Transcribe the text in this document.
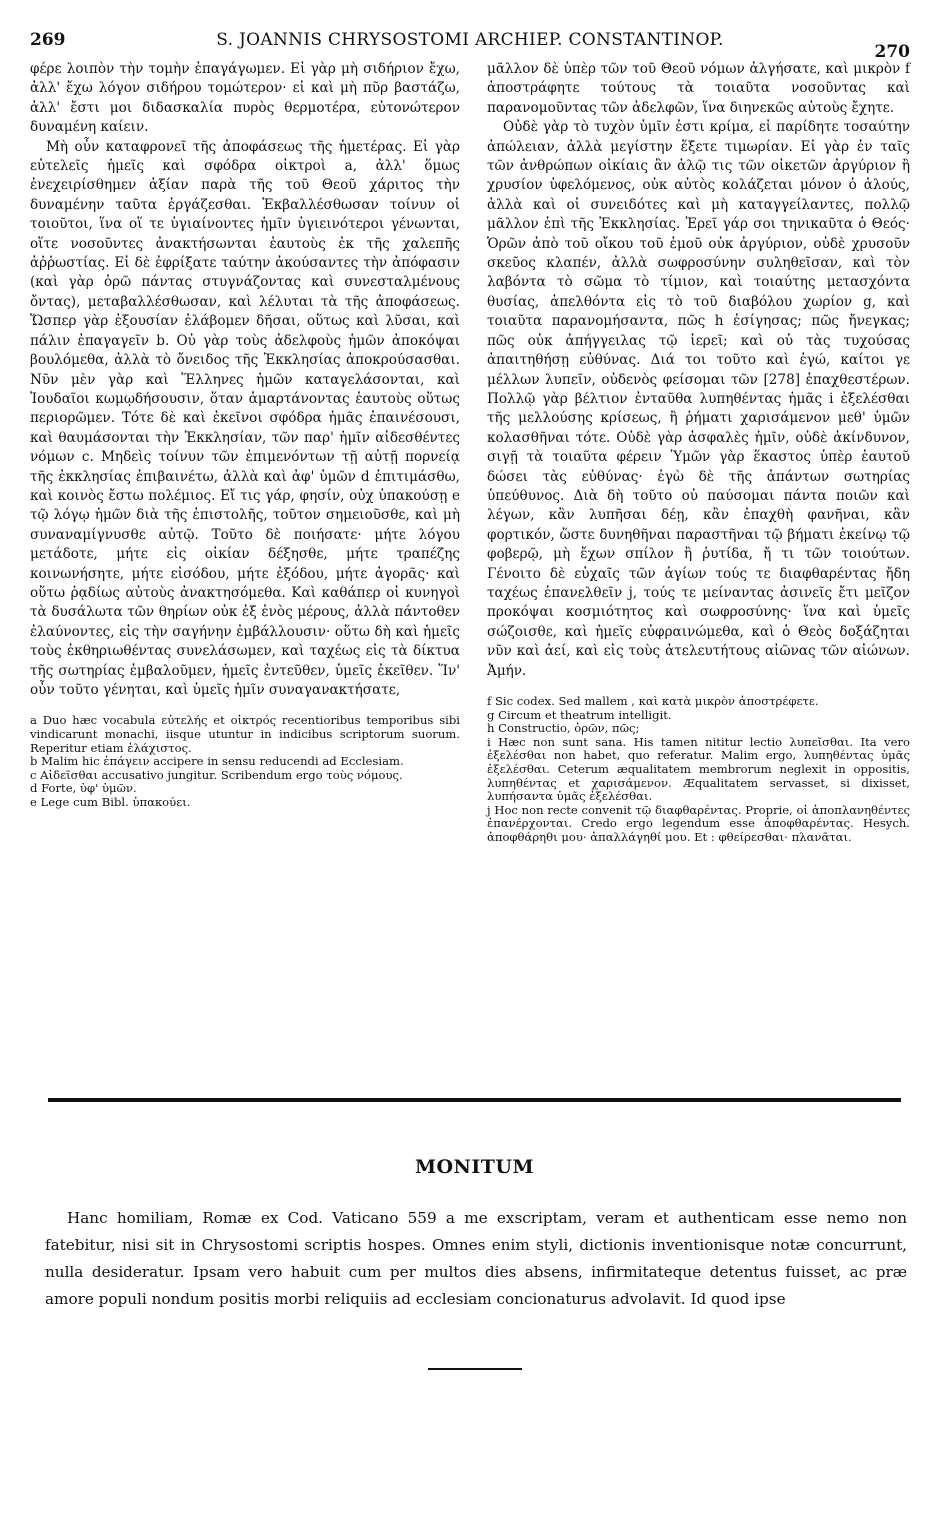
269	S. JOANNIS CHRYSOSTOMI ARCHIEP. CONSTANTINOP.
270

φέρε λοιπὸν τὴν τομὴν ἐπαγάγωμεν. Εἰ γὰρ μὴ σιδήριον ἔχω, ἀλλ' ἔχω λόγον σιδήρου τομώτερον· εἰ καὶ μὴ πῦρ βαστάζω, ἀλλ' ἔστι μοι διδασκαλία πυρὸς θερμοτέρα, εὐτονώτερον δυναμένη καίειν.

Μὴ οὖν καταφρονεῖ τῆς ἀποφάσεως τῆς ἡμετέρας. Εἰ γὰρ εὐτελεῖς ἡμεῖς καὶ σφόδρα οἰκτροὶ a, ἀλλ' ὅμως ἐνεχειρίσθημεν ἀξίαν παρὰ τῆς τοῦ Θεοῦ χάριτος τὴν δυναμένην ταῦτα ἐργάζεσθαι. Ἐκβαλλέσθωσαν τοίνυν οἱ τοιοῦτοι, ἵνα οἵ τε ὑγιαίνοντες ἡμῖν ὑγιεινότεροι γένωνται, οἵτε νοσοῦντες ἀνακτήσωνται ἑαυτοὺς ἐκ τῆς χαλεπῆς ἀῤῥωστίας. Εἰ δὲ ἐφρίξατε ταύτην ἀκούσαντες τὴν ἀπόφασιν (καὶ γὰρ ὁρῶ πάντας στυγνάζοντας καὶ συνεσταλμένους ὄντας), μεταβαλλέσθωσαν, καὶ λέλυται τὰ τῆς ἀποφάσεως. Ὥσπερ γὰρ ἐξουσίαν ἐλάβομεν δῆσαι, οὕτως καὶ λῦσαι, καὶ πάλιν ἐπαγαγεῖν b. Οὐ γὰρ τοὺς ἀδελφοὺς ἡμῶν ἀποκόψαι βουλόμεθα, ἀλλὰ τὸ ὄνειδος τῆς Ἐκκλησίας ἀποκρούσασθαι. Νῦν μὲν γὰρ καὶ Ἕλληνες ἡμῶν καταγελάσονται, καὶ Ἰουδαῖοι κωμῳδήσουσιν, ὅταν ἁμαρτάνοντας ἑαυτοὺς οὕτως περιορῶμεν. Τότε δὲ καὶ ἐκεῖνοι σφόδρα ἡμᾶς ἐπαινέσουσι, καὶ θαυμάσονται τὴν Ἐκκλησίαν, τῶν παρ' ἡμῖν αἰδεσθέντες νόμων c. Μηδεὶς τοίνυν τῶν ἐπιμενόντων τῇ αὐτῇ πορνείᾳ τῆς ἐκκλησίας ἐπιβαινέτω, ἀλλὰ καὶ ἀφ' ὑμῶν d ἐπιτιμάσθω, καὶ κοινὸς ἔστω πολέμιος. Εἴ τις γάρ, φησίν, οὐχ ὑπακούσῃ e τῷ λόγῳ ἡμῶν διὰ τῆς ἐπιστολῆς, τοῦτον σημειοῦσθε, καὶ μὴ συναναμίγνυσθε αὐτῷ. Τοῦτο δὲ ποιήσατε· μήτε λόγου μετάδοτε, μήτε εἰς οἰκίαν δέξησθε, μήτε τραπέζης κοινωνήσητε, μήτε εἰσόδου, μήτε ἐξόδου, μήτε ἀγορᾶς· καὶ οὕτω ῥᾳδίως αὐτοὺς ἀνακτησόμεθα. Καὶ καθάπερ οἱ κυνηγοὶ τὰ δυσάλωτα τῶν θηρίων οὐκ ἐξ ἑνὸς μέρους, ἀλλὰ πάντοθεν ἐλαύνοντες, εἰς τὴν σαγήνην ἐμβάλλουσιν· οὕτω δὴ καὶ ἡμεῖς τοὺς ἐκθηριωθέντας συνελάσωμεν, καὶ ταχέως εἰς τὰ δίκτυα τῆς σωτηρίας ἐμβαλοῦμεν, ἡμεῖς ἐντεῦθεν, ὑμεῖς ἐκεῖθεν. Ἵν' οὖν τοῦτο γένηται, καὶ ὑμεῖς ἡμῖν συναγανακτήσατε,

a Duo hæc vocabula εὐτελής et οἰκτρός recentioribus temporibus sibi vindicarunt monachi, iisque utuntur in indicibus scriptorum suorum. Reperitur etiam ἐλάχιστος.

b Malim hic ἐπάγειν accipere in sensu reducendi ad Ecclesiam.

c Αἰδεῖσθαι accusativo jungitur. Scribendum ergo τοὺς νόμους.

d Forte, ὑφ' ὑμῶν.

e Lege cum Bibl. ὑπακούει.

μᾶλλον δὲ ὑπὲρ τῶν τοῦ Θεοῦ νόμων ἀλγήσατε, καὶ μικρὸν f ἀποστράφητε τούτους τὰ τοιαῦτα νοσοῦντας καὶ παρανομοῦντας τῶν ἀδελφῶν, ἵνα διηνεκῶς αὐτοὺς ἔχητε.

Οὐδὲ γὰρ τὸ τυχὸν ὑμῖν ἐστι κρίμα, εἰ παρίδητε τοσαύτην ἀπώλειαν, ἀλλὰ μεγίστην ἕξετε τιμωρίαν. Εἰ γὰρ ἐν ταῖς τῶν ἀνθρώπων οἰκίαις ἂν ἁλῷ τις τῶν οἰκετῶν ἀργύριον ἢ χρυσίον ὑφελόμενος, οὐκ αὐτὸς κολάζεται μόνον ὁ ἁλούς, ἀλλὰ καὶ οἱ συνειδότες καὶ μὴ καταγγείλαντες, πολλῷ μᾶλλον ἐπὶ τῆς Ἐκκλησίας. Ἐρεῖ γάρ σοι τηνικαῦτα ὁ Θεός· Ὁρῶν ἀπὸ τοῦ οἴκου τοῦ ἐμοῦ οὐκ ἀργύριον, οὐδὲ χρυσοῦν σκεῦος κλαπέν, ἀλλὰ σωφροσύνην συληθεῖσαν, καὶ τὸν λαβόντα τὸ σῶμα τὸ τίμιον, καὶ τοιαύτης μετασχόντα θυσίας, ἀπελθόντα εἰς τὸ τοῦ διαβόλου χωρίον g, καὶ τοιαῦτα παρανομήσαντα, πῶς h ἐσίγησας; πῶς ἤνεγκας; πῶς οὐκ ἀπήγγειλας τῷ ἱερεῖ; καὶ οὐ τὰς τυχούσας ἀπαιτηθήσῃ εὐθύνας. Διά τοι τοῦτο καὶ ἐγώ, καίτοι γε μέλλων λυπεῖν, οὐδενὸς φείσομαι τῶν [278] ἐπαχθεστέρων. Πολλῷ γὰρ βέλτιον ἐνταῦθα λυπηθέντας ἡμᾶς i ἐξελέσθαι τῆς μελλούσης κρίσεως, ἢ ῥήματι χαρισάμενον μεθ' ὑμῶν κολασθῆναι τότε. Οὐδὲ γὰρ ἀσφαλὲς ἡμῖν, οὐδὲ ἀκίνδυνον, σιγῇ τὰ τοιαῦτα φέρειν Ὑμῶν γὰρ ἕκαστος ὑπὲρ ἑαυτοῦ δώσει τὰς εὐθύνας· ἐγὼ δὲ τῆς ἁπάντων σωτηρίας ὑπεύθυνος. Διὰ δὴ τοῦτο οὐ παύσομαι πάντα ποιῶν καὶ λέγων, κἂν λυπῆσαι δέῃ, κἂν ἐπαχθὴ φανῆναι, κἂν φορτικόν, ὥστε δυνηθῆναι παραστῆναι τῷ βήματι ἐκείνῳ τῷ φοβερῷ, μὴ ἔχων σπίλον ἢ ῥυτίδα, ἤ τι τῶν τοιούτων. Γένοιτο δὲ εὐχαῖς τῶν ἁγίων τούς τε διαφθαρέντας ἤδη ταχέως ἐπανελθεῖν j, τούς τε μείναντας ἀσινεῖς ἔτι μεῖζον προκόψαι κοσμιότητος καὶ σωφροσύνης· ἵνα καὶ ὑμεῖς σώζοισθε, καὶ ἡμεῖς εὐφραινώμεθα, καὶ ὁ Θεὸς δοξάζηται νῦν καὶ ἀεί, καὶ εἰς τοὺς ἀτελευτήτους αἰῶνας τῶν αἰώνων. Ἀμήν.

f Sic codex. Sed mallem , καὶ κατὰ μικρὸν ἀποστρέφετε.

g Circum et theatrum intelligit.

h Constructio, ὁρῶν, πῶς;

i Hæc non sunt sana. His tamen nititur lectio λυπεῖσθαι. Ita vero ἐξελέσθαι non habet, quo referatur. Malim ergo, λυπηθέντας ὑμᾶς ἐξελέσθαι. Ceterum æqualitatem membrorum neglexit in oppositis, λυπηθέντας et χαρισάμενον. Æqualitatem servasset, si dixisset, λυπήσαντα ὑμᾶς ἐξελέσθαι.

j Hoc non recte convenit τῷ διαφθαρέντας. Proprie, οἱ ἀποπλανηθέντες ἐπανέρχονται. Credo ergo legendum esse ἀποφθαρέντας. Hesych. ἀποφθάρηθι μου· ἀπαλλάγηθί μου. Et : φθείρεσθαι· πλανᾶται.

MONITUM

Hanc homiliam, Romæ ex Cod. Vaticano 559 a me exscriptam, veram et authenticam esse nemo non fatebitur, nisi sit in Chrysostomi scriptis hospes. Omnes enim styli, dictionis inventionisque notæ concurrunt, nulla desideratur. Ipsam vero habuit cum per multos dies absens, infirmitateque detentus fuisset, ac præ amore populi nondum positis morbi reliquiis ad ecclesiam concionaturus advolavit. Id quod ipse
